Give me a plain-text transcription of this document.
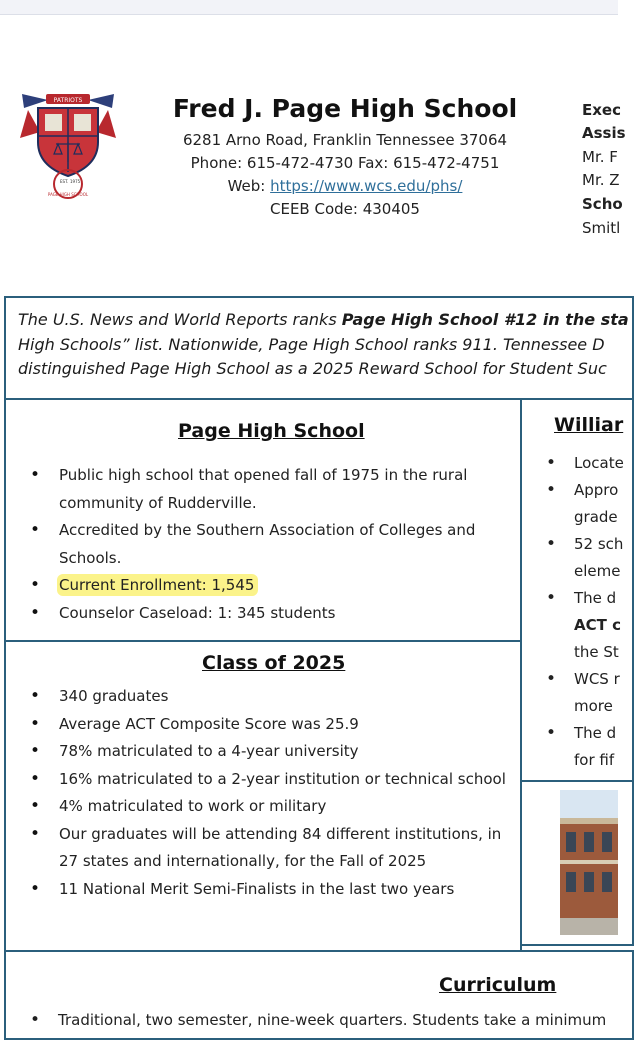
PATRIOTS
EST. 1975
PAGE HIGH SCHOOL
Fred J. Page High School
6281 Arno Road, Franklin Tennessee 37064
Phone: 615-472-4730 Fax: 615-472-4751
Web: https://www.wcs.edu/phs/
CEEB Code: 430405
Exec
Assis
Mr. F
Mr. Z
Scho
Smitl
The U.S. News and World Reports ranks Page High School #12 in the sta
High Schools” list. Nationwide, Page High School ranks 911. Tennessee D
distinguished Page High School as a 2025 Reward School for Student Suc
Page High School
• Public high school that opened fall of 1975 in the rural community of Rudderville.
• Accredited by the Southern Association of Colleges and Schools.
• Current Enrollment: 1,545
• Counselor Caseload: 1: 345 students
Class of 2025
• 340 graduates
• Average ACT Composite Score was 25.9
• 78% matriculated to a 4-year university
• 16% matriculated to a 2-year institution or technical school
• 4% matriculated to work or military
• Our graduates will be attending 84 different institutions, in 27 states and internationally, for the Fall of 2025
• 11 National Merit Semi-Finalists in the last two years
Williar
• Locate
• Appro
grade
• 52 sch
eleme
• The d
ACT c
the St
• WCS r
more
• The d
for fif
Curriculum
• Traditional, two semester, nine-week quarters. Students take a minimum
